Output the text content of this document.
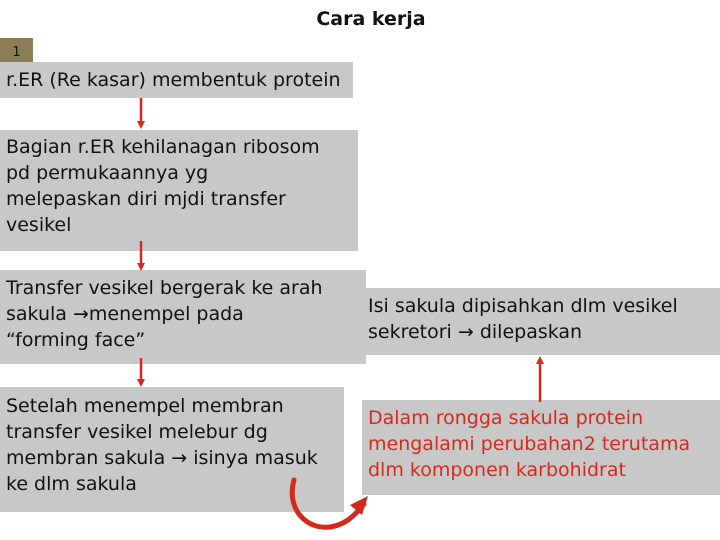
Cara kerja
1
r.ER (Re kasar) membentuk protein
Bagian r.ER kehilanagan ribosom
pd permukaannya yg
melepaskan diri mjdi transfer
vesikel
Transfer vesikel bergerak ke arah
sakula →menempel pada
“forming face”
Setelah menempel membran
transfer vesikel melebur dg
membran sakula → isinya masuk
ke dlm sakula
Isi sakula dipisahkan dlm vesikel
sekretori → dilepaskan
Dalam rongga sakula protein
mengalami perubahan2 terutama
dlm komponen karbohidrat
